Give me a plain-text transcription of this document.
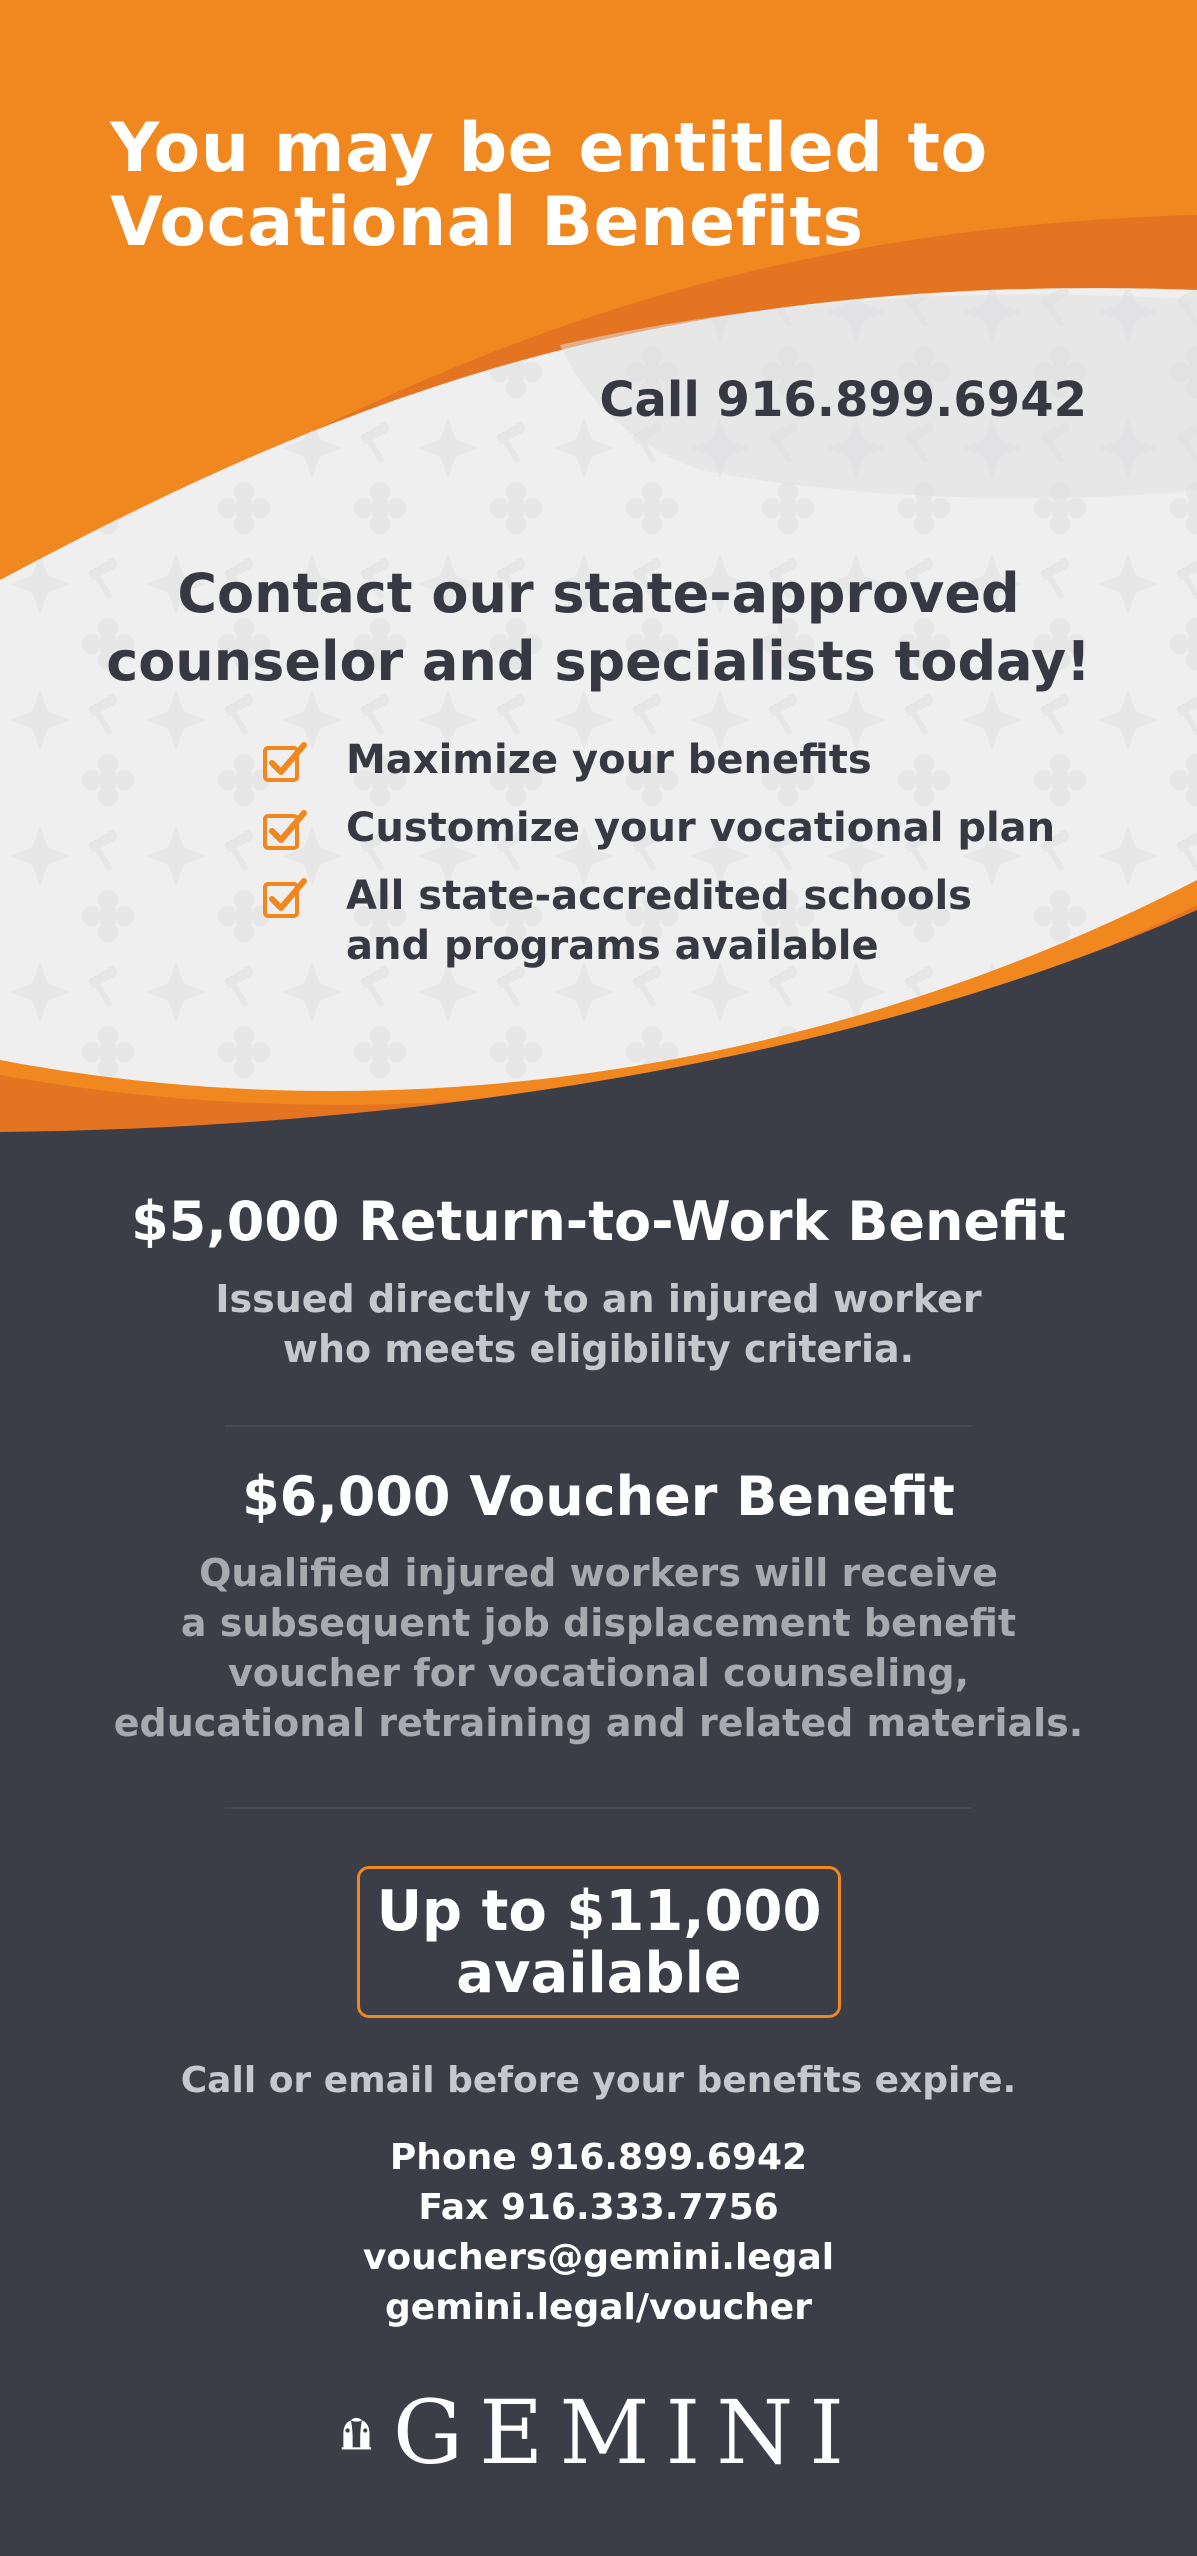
You may be entitled to
Vocational Benefits
Call 916.899.6942
Contact our state-approved
counselor and specialists today!
Maximize your benefits
Customize your vocational plan
All state-accredited schools
and programs available
$5,000 Return-to-Work Benefit
Issued directly to an injured worker
who meets eligibility criteria.
$6,000 Voucher Benefit
Qualified injured workers will receive
a subsequent job displacement benefit
voucher for vocational counseling,
educational retraining and related materials.
Up to $11,000
available
Call or email before your benefits expire.
Phone 916.899.6942
Fax 916.333.7756
vouchers@gemini.legal
gemini.legal/voucher
GEMINI
